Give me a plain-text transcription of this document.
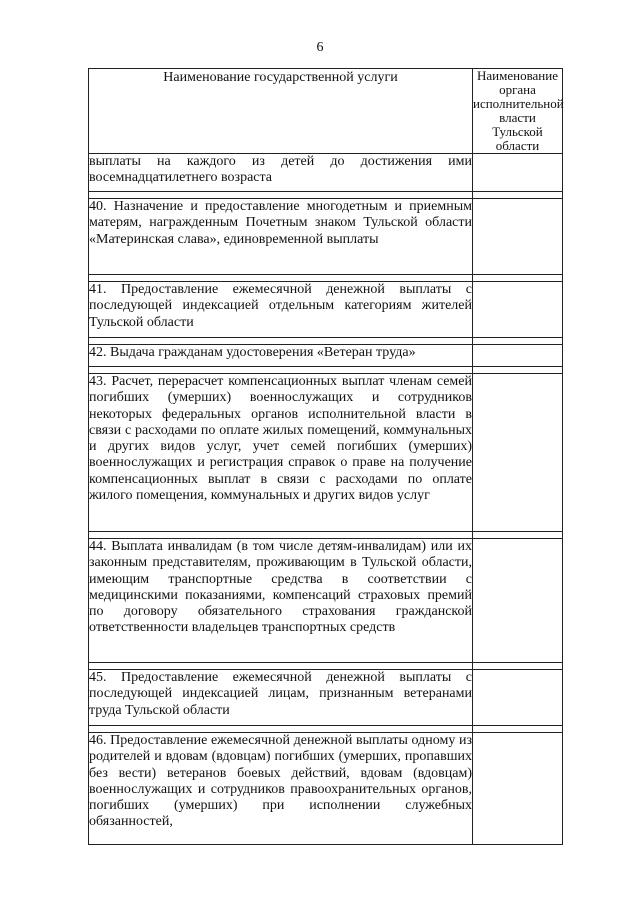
6
Наименование государственной услуги	Наименование органа исполнительной власти Тульской области
выплаты на каждого из детей до достижения ими восемнадцатилетнего возраста	

40. Назначение и предоставление многодетным и приемным матерям, награжденным Почетным знаком Тульской области «Материнская слава», единовременной выплаты	

41. Предоставление ежемесячной денежной выплаты с последующей индексацией отдельным категориям жителей Тульской области	

42. Выдача гражданам удостоверения «Ветеран труда»	

43. Расчет, перерасчет компенсационных выплат членам семей погибших (умерших) военнослужащих и сотрудников некоторых федеральных органов исполнительной власти в связи с расходами по оплате жилых помещений, коммунальных и других видов услуг, учет семей погибших (умерших) военнослужащих и регистрация справок о праве на получение компенсационных выплат в связи с расходами по оплате жилого помещения, коммунальных и других видов услуг	

44. Выплата инвалидам (в том числе детям-инвалидам) или их законным представителям, проживающим в Тульской области, имеющим транспортные средства в соответствии с медицинскими показаниями, компенсаций страховых премий по договору обязательного страхования гражданской ответственности владельцев транспортных средств	

45. Предоставление ежемесячной денежной выплаты с последующей индексацией лицам, признанным ветеранами труда Тульской области	

46. Предоставление ежемесячной денежной выплаты одному из родителей и вдовам (вдовцам) погибших (умерших, пропавших без вести) ветеранов боевых действий, вдовам (вдовцам) военнослужащих и сотрудников правоохранительных органов, погибших (умерших) при исполнении служебных обязанностей,	
